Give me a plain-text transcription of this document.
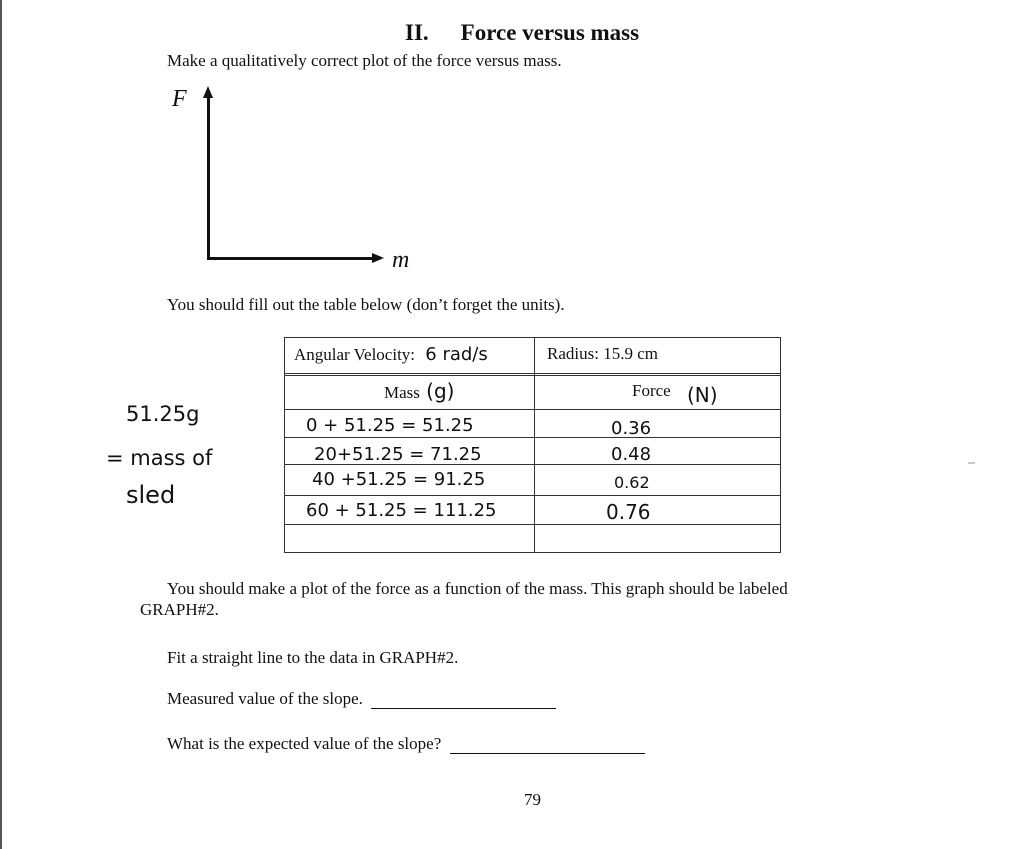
II. Force versus mass
Make a qualitatively correct plot of the force versus mass.
F
m
You should fill out the table below (don’t forget the units).
51.25g
= mass of
sled
Angular Velocity: 6 rad/s	Radius: 15.9 cm
Mass (g)	Force (N)
0 + 51.25 = 51.25	0.36
20+51.25 = 71.25	0.48
40 +51.25 = 91.25	0.62
60 + 51.25 = 111.25	0.76
You should make a plot of the force as a function of the mass. This graph should be labeled
GRAPH#2.
Fit a straight line to the data in GRAPH#2.
Measured value of the slope.
What is the expected value of the slope?
79
